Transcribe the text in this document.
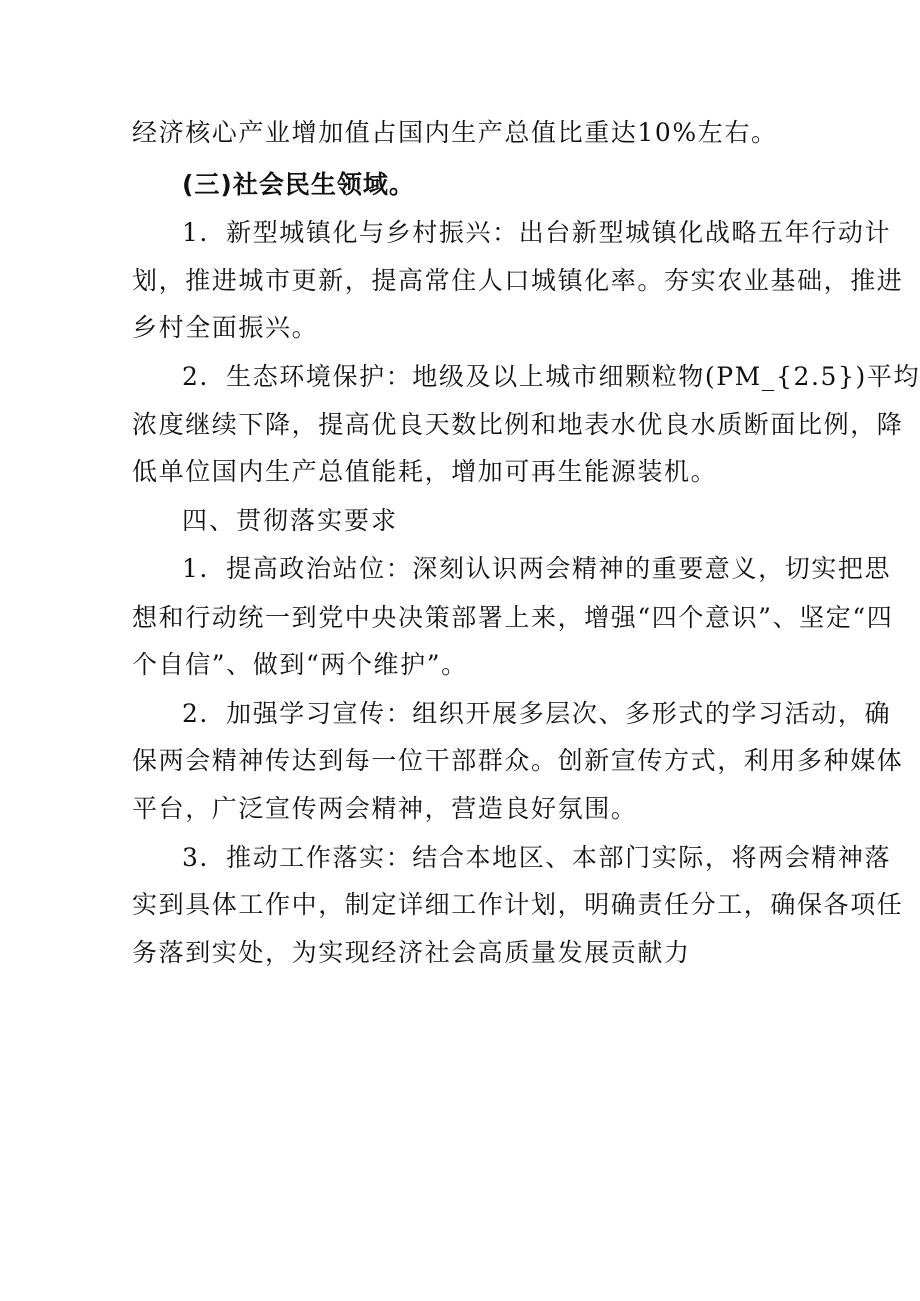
经济核心产业增加值占国内生产总值比重达10%左右。
(三)社会民生领域。
1．新型城镇化与乡村振兴：出台新型城镇化战略五年行动计
划，推进城市更新，提高常住人口城镇化率。夯实农业基础，推进
乡村全面振兴。
2．生态环境保护：地级及以上城市细颗粒物(PM_{2.5})平均
浓度继续下降，提高优良天数比例和地表水优良水质断面比例，降
低单位国内生产总值能耗，增加可再生能源装机。
四、贯彻落实要求
1．提高政治站位：深刻认识两会精神的重要意义，切实把思
想和行动统一到党中央决策部署上来，增强“四个意识”、坚定“四
个自信”、做到“两个维护”。
2．加强学习宣传：组织开展多层次、多形式的学习活动，确
保两会精神传达到每一位干部群众。创新宣传方式，利用多种媒体
平台，广泛宣传两会精神，营造良好氛围。
3．推动工作落实：结合本地区、本部门实际，将两会精神落
实到具体工作中，制定详细工作计划，明确责任分工，确保各项任
务落到实处，为实现经济社会高质量发展贡献力
